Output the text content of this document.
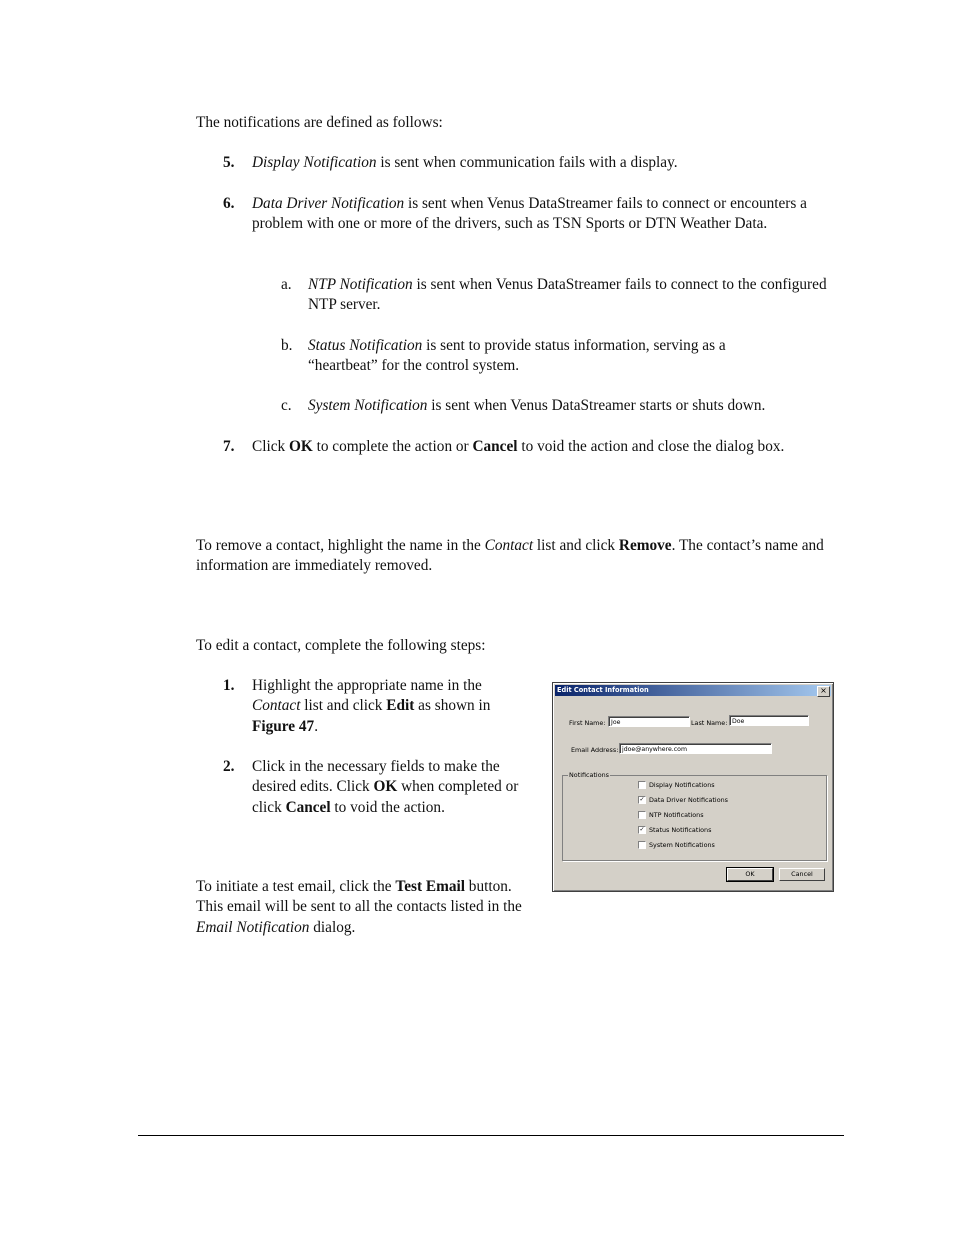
The notifications are defined as follows:

5. Display Notification is sent when communication fails with a display.

6. Data Driver Notification is sent when Venus DataStreamer fails to connect or encounters a problem with one or more of the drivers, such as TSN Sports or DTN Weather Data.

a. NTP Notification is sent when Venus DataStreamer fails to connect to the configured NTP server.

b. Status Notification is sent to provide status information, serving as a “heartbeat” for the control system.

c. System Notification is sent when Venus DataStreamer starts or shuts down.

7. Click OK to complete the action or Cancel to void the action and close the dialog box.

To remove a contact, highlight the name in the Contact list and click Remove. The contact’s name and information are immediately removed.

To edit a contact, complete the following steps:

1. Highlight the appropriate name in the Contact list and click Edit as shown in Figure 47.

2. Click in the necessary fields to make the desired edits. Click OK when completed or click Cancel to void the action.

To initiate a test email, click the Test Email button. This email will be sent to all the contacts listed in the Email Notification dialog.

Edit Contact Information	×
First Name: Joe	Last Name: Doe
Email Address: jdoe@anywhere.com
Notifications
Display Notifications
✓ Data Driver Notifications
NTP Notifications
✓ Status Notifications
System Notifications
OK	Cancel
